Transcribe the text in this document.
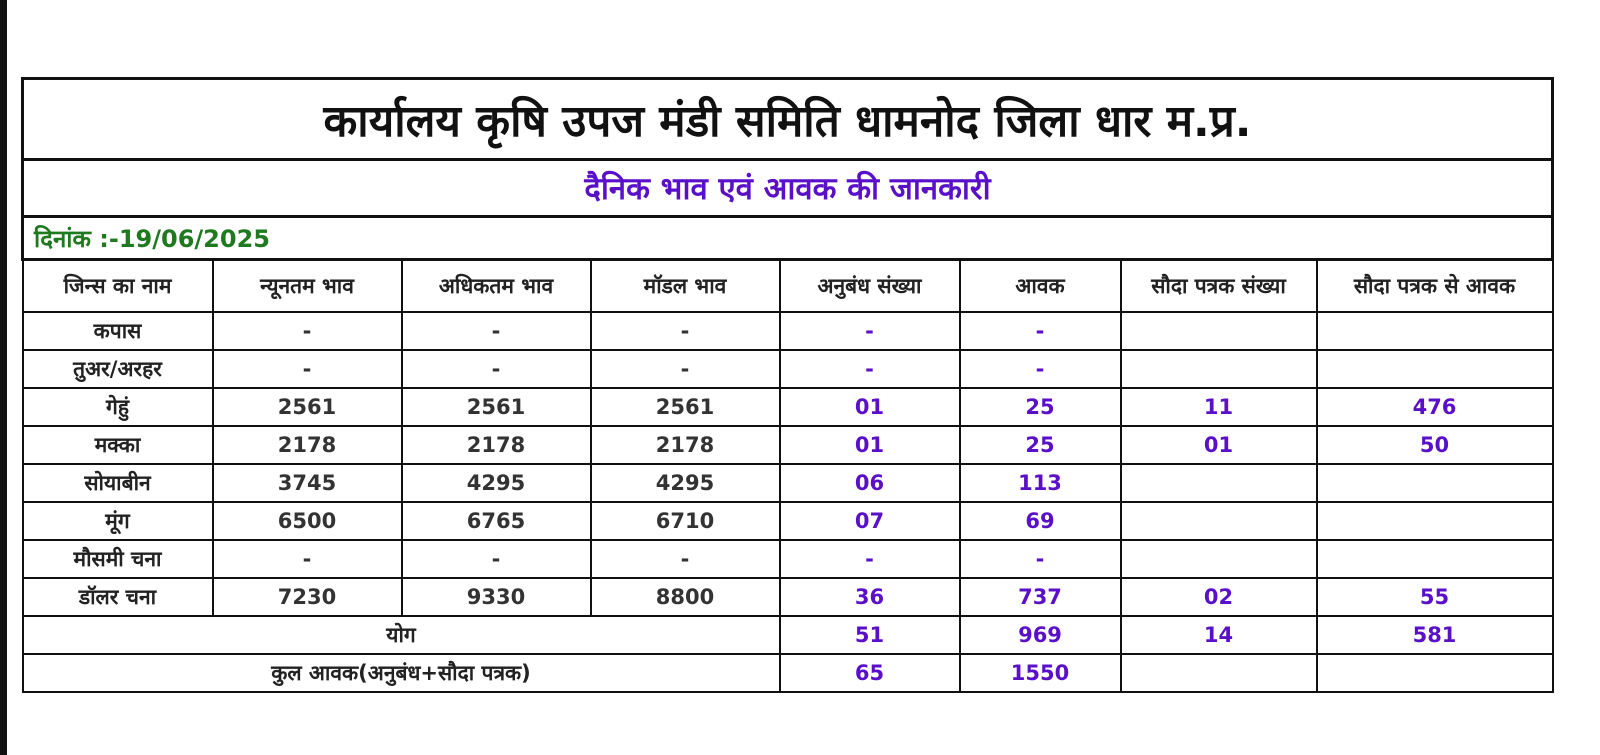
कार्यालय कृषि उपज मंडी समिति धामनोद जिला धार म.प्र.							
दैनिक भाव एवं आवक की जानकारी							
दिनांक :-19/06/2025							
जिन्स का नाम	न्यूनतम भाव	अधिकतम भाव	मॉडल भाव	अनुबंध संख्या	आवक	सौदा पत्रक संख्या	सौदा पत्रक से आवक
कपास	-	-	-	-	-		
तुअर/अरहर	-	-	-	-	-		
गेहुं	2561	2561	2561	01	25	11	476
मक्का	2178	2178	2178	01	25	01	50
सोयाबीन	3745	4295	4295	06	113		
मूंग	6500	6765	6710	07	69		
मौसमी चना	-	-	-	-	-		
डॉलर चना	7230	9330	8800	36	737	02	55
योग				51	969	14	581
कुल आवक(अनुबंध+सौदा पत्रक)				65	1550		
